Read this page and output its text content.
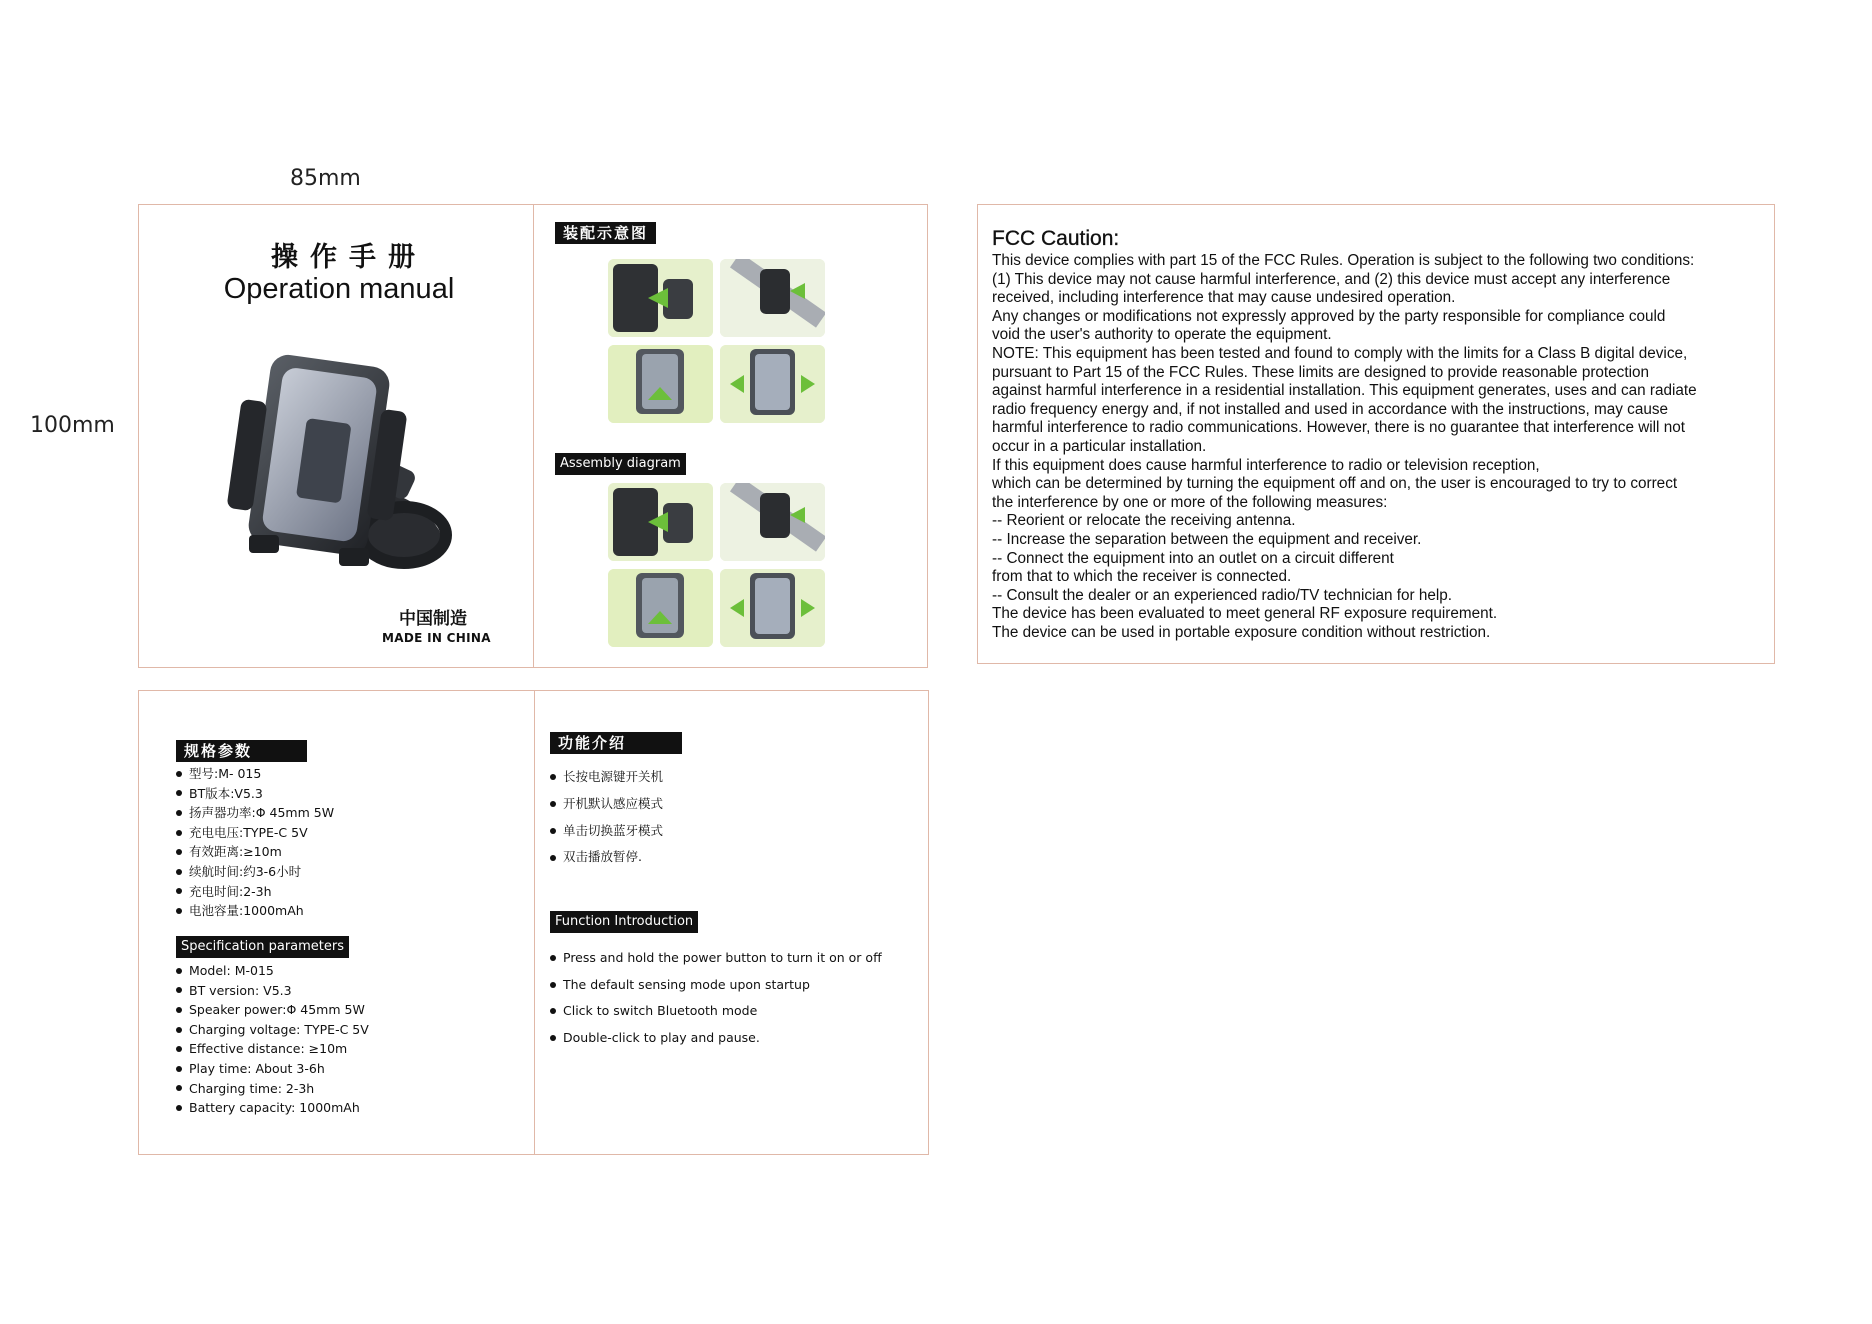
85mm
100mm
操作手册
Operation manual
中国制造
MADE IN CHINA
装配示意图
Assembly diagram
规格参数
型号:M- 015
BT版本:V5.3
扬声器功率:Φ 45mm 5W
充电电压:TYPE-C 5V
有效距离:≥10m
续航时间:约3-6小时
充电时间:2-3h
电池容量:1000mAh
Specification parameters
Model: M-015
BT version: V5.3
Speaker power:Φ 45mm 5W
Charging voltage: TYPE-C 5V
Effective distance: ≥10m
Play time: About 3-6h
Charging time: 2-3h
Battery capacity: 1000mAh
功能介绍
长按电源键开关机
开机默认感应模式
单击切换蓝牙模式
双击播放暂停.
Function Introduction
Press and hold the power button to turn it on or off
The default sensing mode upon startup
Click to switch Bluetooth mode
Double-click to play and pause.
FCC Caution:

This device complies with part 15 of the FCC Rules. Operation is subject to the following two conditions:

(1) This device may not cause harmful interference, and (2) this device must accept any interference

received, including interference that may cause undesired operation.

Any changes or modifications not expressly approved by the party responsible for compliance could

void the user's authority to operate the equipment.

NOTE: This equipment has been tested and found to comply with the limits for a Class B digital device,

pursuant to Part 15 of the FCC Rules. These limits are designed to provide reasonable protection

against harmful interference in a residential installation. This equipment generates, uses and can radiate

radio frequency energy and, if not installed and used in accordance with the instructions, may cause

harmful interference to radio communications. However, there is no guarantee that interference will not

occur in a particular installation.

If this equipment does cause harmful interference to radio or television reception,

which can be determined by turning the equipment off and on, the user is encouraged to try to correct

the interference by one or more of the following measures:

-- Reorient or relocate the receiving antenna.

-- Increase the separation between the equipment and receiver.

-- Connect the equipment into an outlet on a circuit different

from that to which the receiver is connected.

-- Consult the dealer or an experienced radio/TV technician for help.

The device has been evaluated to meet general RF exposure requirement.

The device can be used in portable exposure condition without restriction.
